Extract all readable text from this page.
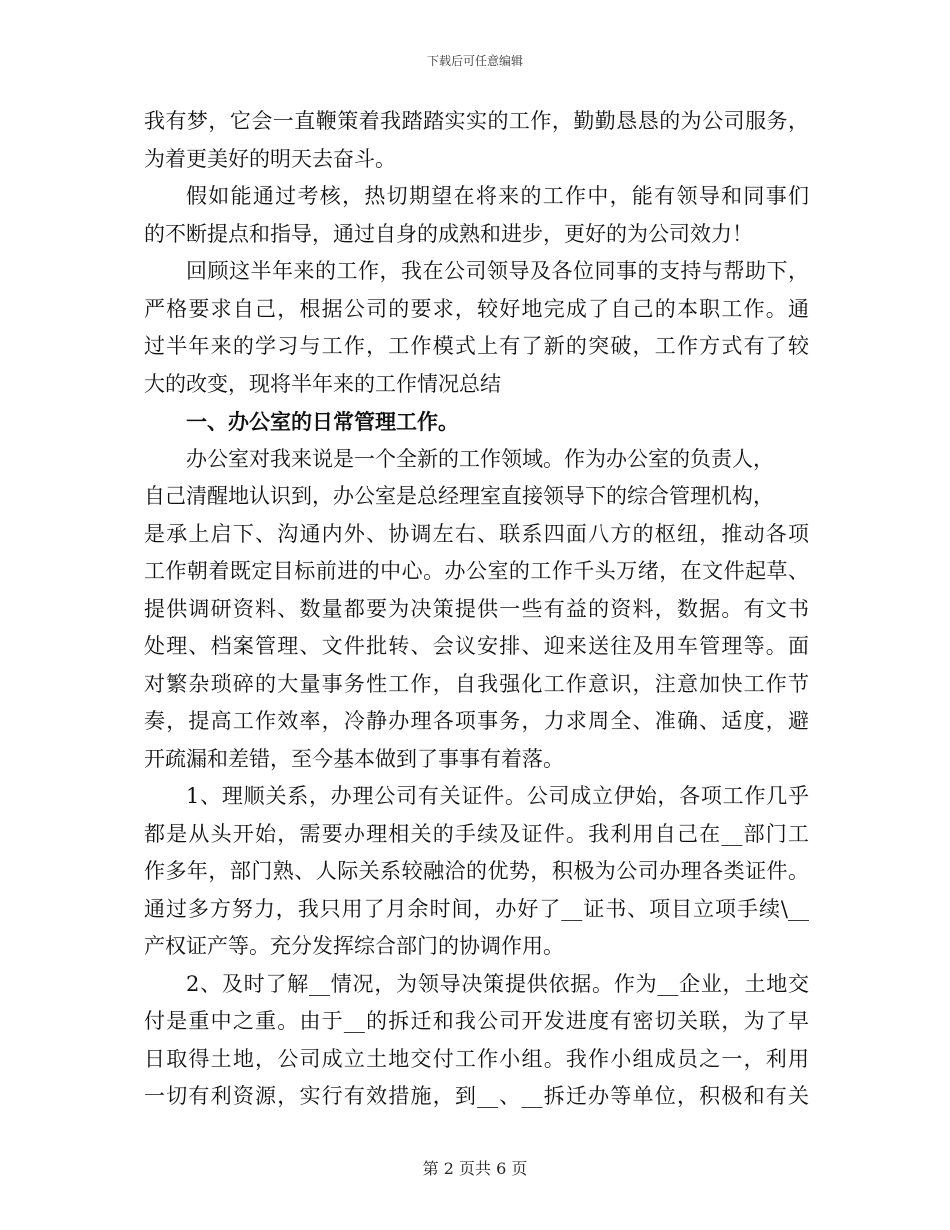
下载后可任意编辑
我有梦，它会一直鞭策着我踏踏实实的工作，勤勤恳恳的为公司服务，
为着更美好的明天去奋斗。
假如能通过考核，热切期望在将来的工作中，能有领导和同事们
的不断提点和指导，通过自身的成熟和进步，更好的为公司效力！
回顾这半年来的工作，我在公司领导及各位同事的支持与帮助下，
严格要求自己，根据公司的要求，较好地完成了自己的本职工作。通
过半年来的学习与工作，工作模式上有了新的突破，工作方式有了较
大的改变，现将半年来的工作情况总结
一、办公室的日常管理工作。
办公室对我来说是一个全新的工作领域。作为办公室的负责人，
自己清醒地认识到，办公室是总经理室直接领导下的综合管理机构，
是承上启下、沟通内外、协调左右、联系四面八方的枢纽，推动各项
工作朝着既定目标前进的中心。办公室的工作千头万绪，在文件起草、
提供调研资料、数量都要为决策提供一些有益的资料，数据。有文书
处理、档案管理、文件批转、会议安排、迎来送往及用车管理等。面
对繁杂琐碎的大量事务性工作，自我强化工作意识，注意加快工作节
奏，提高工作效率，冷静办理各项事务，力求周全、准确、适度，避
开疏漏和差错，至今基本做到了事事有着落。
1、理顺关系，办理公司有关证件。公司成立伊始，各项工作几乎
都是从头开始，需要办理相关的手续及证件。我利用自己在__部门工
作多年，部门熟、人际关系较融洽的优势，积极为公司办理各类证件。
通过多方努力，我只用了月余时间，办好了__证书、项目立项手续\__
产权证产等。充分发挥综合部门的协调作用。
2、及时了解__情况，为领导决策提供依据。作为__企业，土地交
付是重中之重。由于__的拆迁和我公司开发进度有密切关联，为了早
日取得土地，公司成立土地交付工作小组。我作小组成员之一，利用
一切有利资源，实行有效措施，到__、__拆迁办等单位，积极和有关
第 2 页共 6 页
